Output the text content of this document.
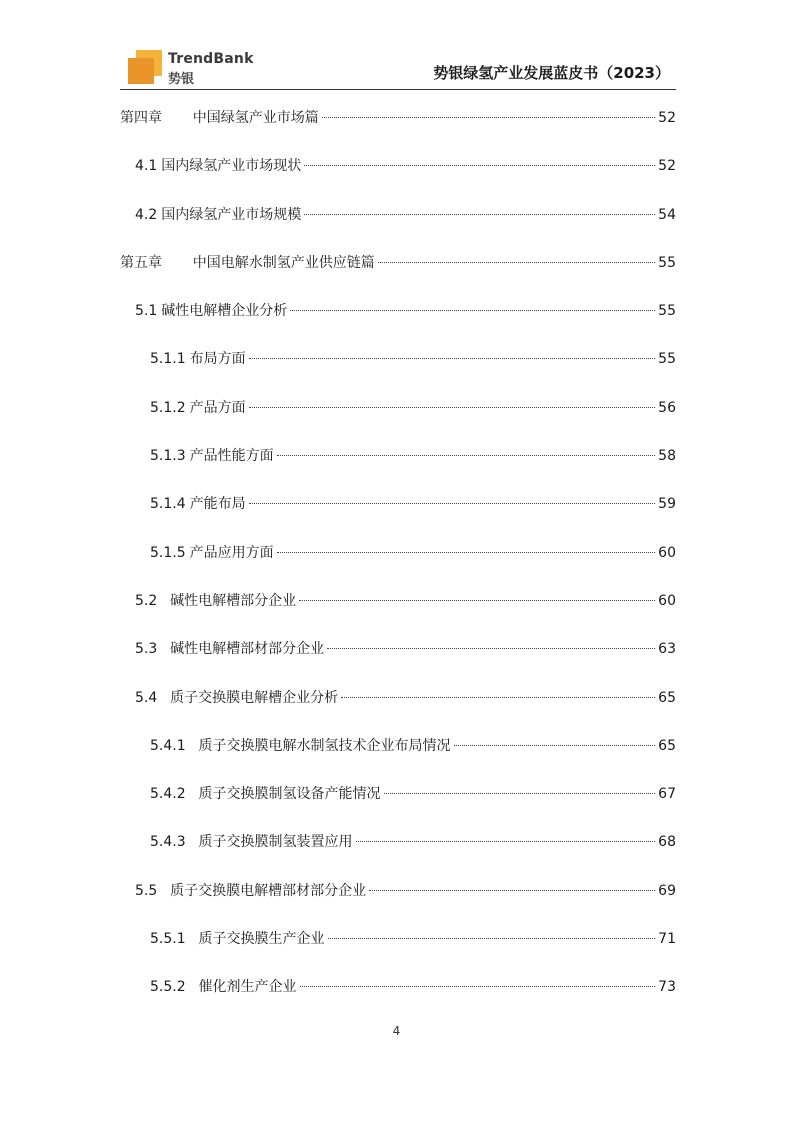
TrendBank
势银	势银绿氢产业发展蓝皮书（2023）
第四章 中国绿氢产业市场篇	52
4.1 国内绿氢产业市场现状	52
4.2 国内绿氢产业市场规模	54
第五章 中国电解水制氢产业供应链篇	55
5.1 碱性电解槽企业分析	55
5.1.1 布局方面	55
5.1.2 产品方面	56
5.1.3 产品性能方面	58
5.1.4 产能布局	59
5.1.5 产品应用方面	60
5.2 碱性电解槽部分企业	60
5.3 碱性电解槽部材部分企业	63
5.4 质子交换膜电解槽企业分析	65
5.4.1 质子交换膜电解水制氢技术企业布局情况	65
5.4.2 质子交换膜制氢设备产能情况	67
5.4.3 质子交换膜制氢装置应用	68
5.5 质子交换膜电解槽部材部分企业	69
5.5.1 质子交换膜生产企业	71
5.5.2 催化剂生产企业	73
4
